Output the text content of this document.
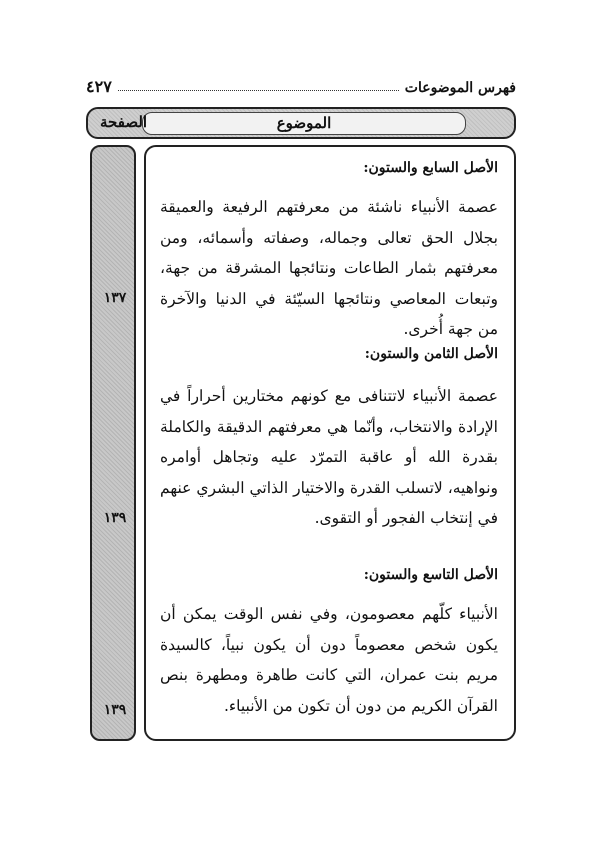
فهرس الموضوعات
٤٢٧
الموضوع
الصفحة
١٣٧
١٣٩
١٣٩
الأصل السابع والستون:
عصمة الأنبياء ناشئة من معرفتهم الرفيعة والعميقة بجلال الحق تعالى وجماله، وصفاته وأسمائه، ومن معرفتهم بثمار الطاعات ونتائجها المشرقة من جهة، وتبعات المعاصي ونتائجها السيّئة في الدنيا والآخرة من جهة أُخرى.
الأصل الثامن والستون:
عصمة الأنبياء لاتتنافى مع كونهم مختارين أحراراً في الإرادة والانتخاب، وأنّما هي معرفتهم الدقيقة والكاملة بقدرة الله أو عاقبة التمرّد عليه وتجاهل أوامره ونواهيه، لاتسلب القدرة والاختيار الذاتي البشري عنهم في إنتخاب الفجور أو التقوى.
الأصل التاسع والستون:
الأنبياء كلّهم معصومون، وفي نفس الوقت يمكن أن يكون شخص معصوماً دون أن يكون نبياً، كالسيدة مريم بنت عمران، التي كانت طاهرة ومطهرة بنص القرآن الكريم من دون أن تكون من الأنبياء.
